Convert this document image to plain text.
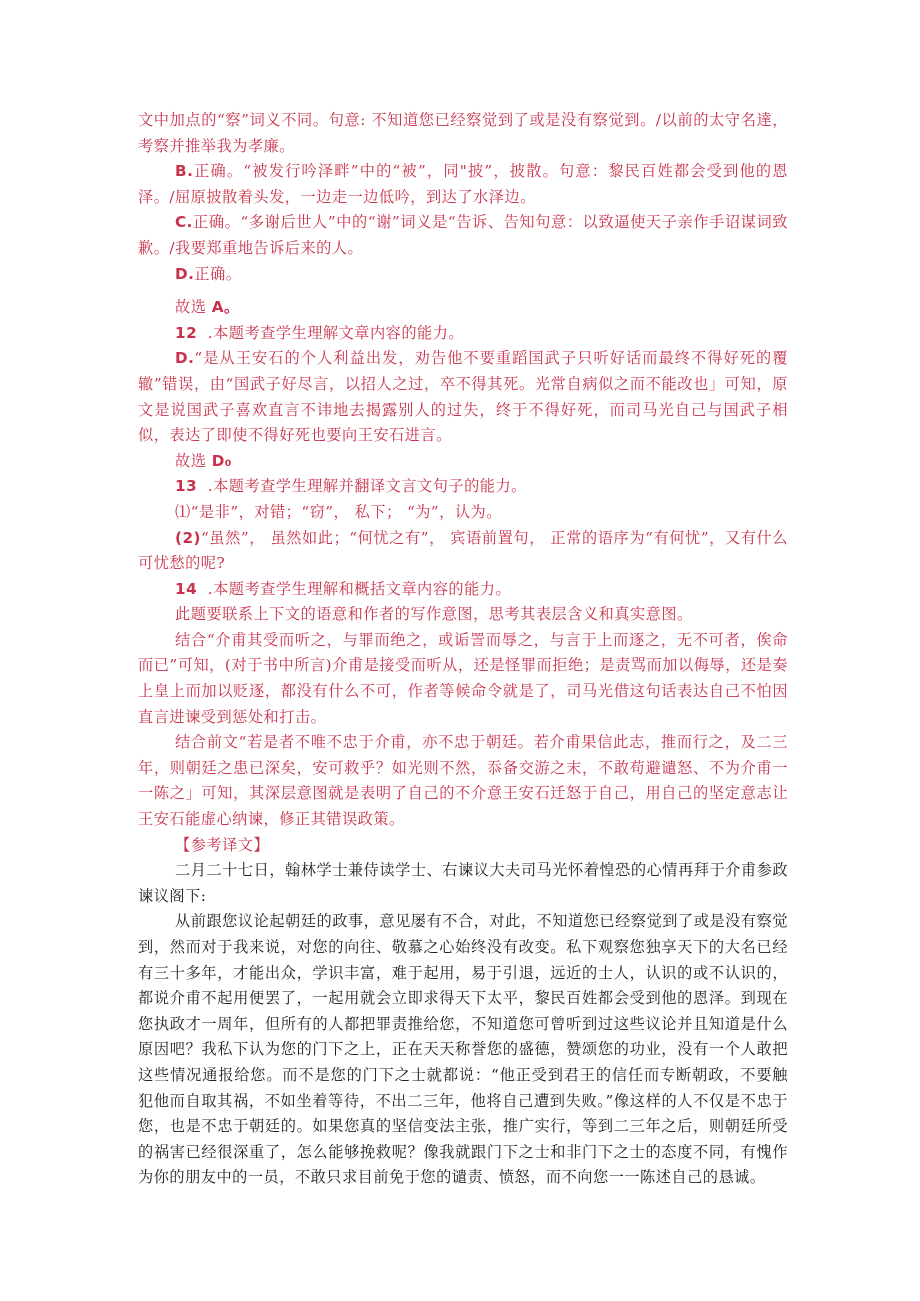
文中加点的“察”词义不同。句意: 不知道您已经察觉到了或是没有察觉到。/以前的太守名達，考察并推举我为孝廉。

B.正确。“被发行吟泽畔”中的“被”，同"披”，披散。句意：黎民百姓都会受到他的恩泽。/屈原披散着头发，一边走一边低吟，到达了水泽边。

C.正确。“多谢后世人”中的“谢”词义是“告诉、告知句意：以致逼使天子亲作手诏谋词致歉。/我要郑重地告诉后来的人。

D.正确。

故选 A。

12 .本题考查学生理解文章内容的能力。

D.“是从王安石的个人利益出发，劝告他不要重蹈国武子只听好话而最终不得好死的覆辙”错误，由“国武子好尽言，以招人之过，卒不得其死。光常自病似之而不能改也」可知，原文是说国武子喜欢直言不讳地去揭露别人的过失，终于不得好死，而司马光自己与国武子相似，表达了即使不得好死也要向王安石进言。

故选 D₀

13 .本题考查学生理解并翻译文言文句子的能力。

⑴“是非”，对错；“窃”， 私下； “为”，认为。

(2)“虽然”， 虽然如此；“何忧之有”， 宾语前置句， 正常的语序为“有何忧”，又有什么可忧愁的呢?

14 .本题考查学生理解和概括文章内容的能力。

此题要联系上下文的语意和作者的写作意图，思考其表层含义和真实意图。

结合“介甫其受而听之，与罪而绝之，或诟詈而辱之，与言于上而逐之，无不可者，俟命而已”可知，(对于书中所言)介甫是接受而听从，还是怪罪而拒绝；是责骂而加以侮辱，还是奏上皇上而加以贬逐，都没有什么不可，作者等候命令就是了，司马光借这句话表达自己不怕因直言进谏受到惩处和打击。

结合前文“若是者不唯不忠于介甫，亦不忠于朝廷。若介甫果信此志，推而行之，及二三年，则朝廷之患已深矣，安可救乎？如光则不然，忝备交游之末，不敢苟避谴怒、不为介甫一一陈之」可知，其深层意图就是表明了自己的不介意王安石迁怒于自己，用自己的坚定意志让王安石能虚心纳谏，修正其错误政策。

【参考译文】

二月二十七日，翰林学士兼侍读学士、右谏议大夫司马光怀着惶恐的心情再拜于介甫参政谏议阁下:

从前跟您议论起朝廷的政事，意见屡有不合，对此，不知道您已经察觉到了或是没有察觉到，然而对于我来说，对您的向往、敬慕之心始终没有改变。私下观察您独享天下的大名已经有三十多年，才能出众，学识丰富，难于起用，易于引退，远近的士人，认识的或不认识的，都说介甫不起用便罢了，一起用就会立即求得天下太平，黎民百姓都会受到他的恩泽。到现在您执政才一周年，但所有的人都把罪责推给您，不知道您可曾听到过这些议论并且知道是什么原因吧？我私下认为您的门下之上，正在天天称誉您的盛德，赞颂您的功业，没有一个人敢把这些情况通报给您。而不是您的门下之士就都说：“他正受到君王的信任而专断朝政，不要触犯他而自取其祸，不如坐着等待，不出二三年，他将自己遭到失败。”像这样的人不仅是不忠于您，也是不忠于朝廷的。如果您真的坚信变法主张，推广实行，等到二三年之后，则朝廷所受的祸害已经很深重了，怎么能够挽救呢？像我就跟门下之士和非门下之士的态度不同，有愧作为你的朋友中的一员，不敢只求目前免于您的谴责、愤怒，而不向您一一陈述自己的恳诚。
